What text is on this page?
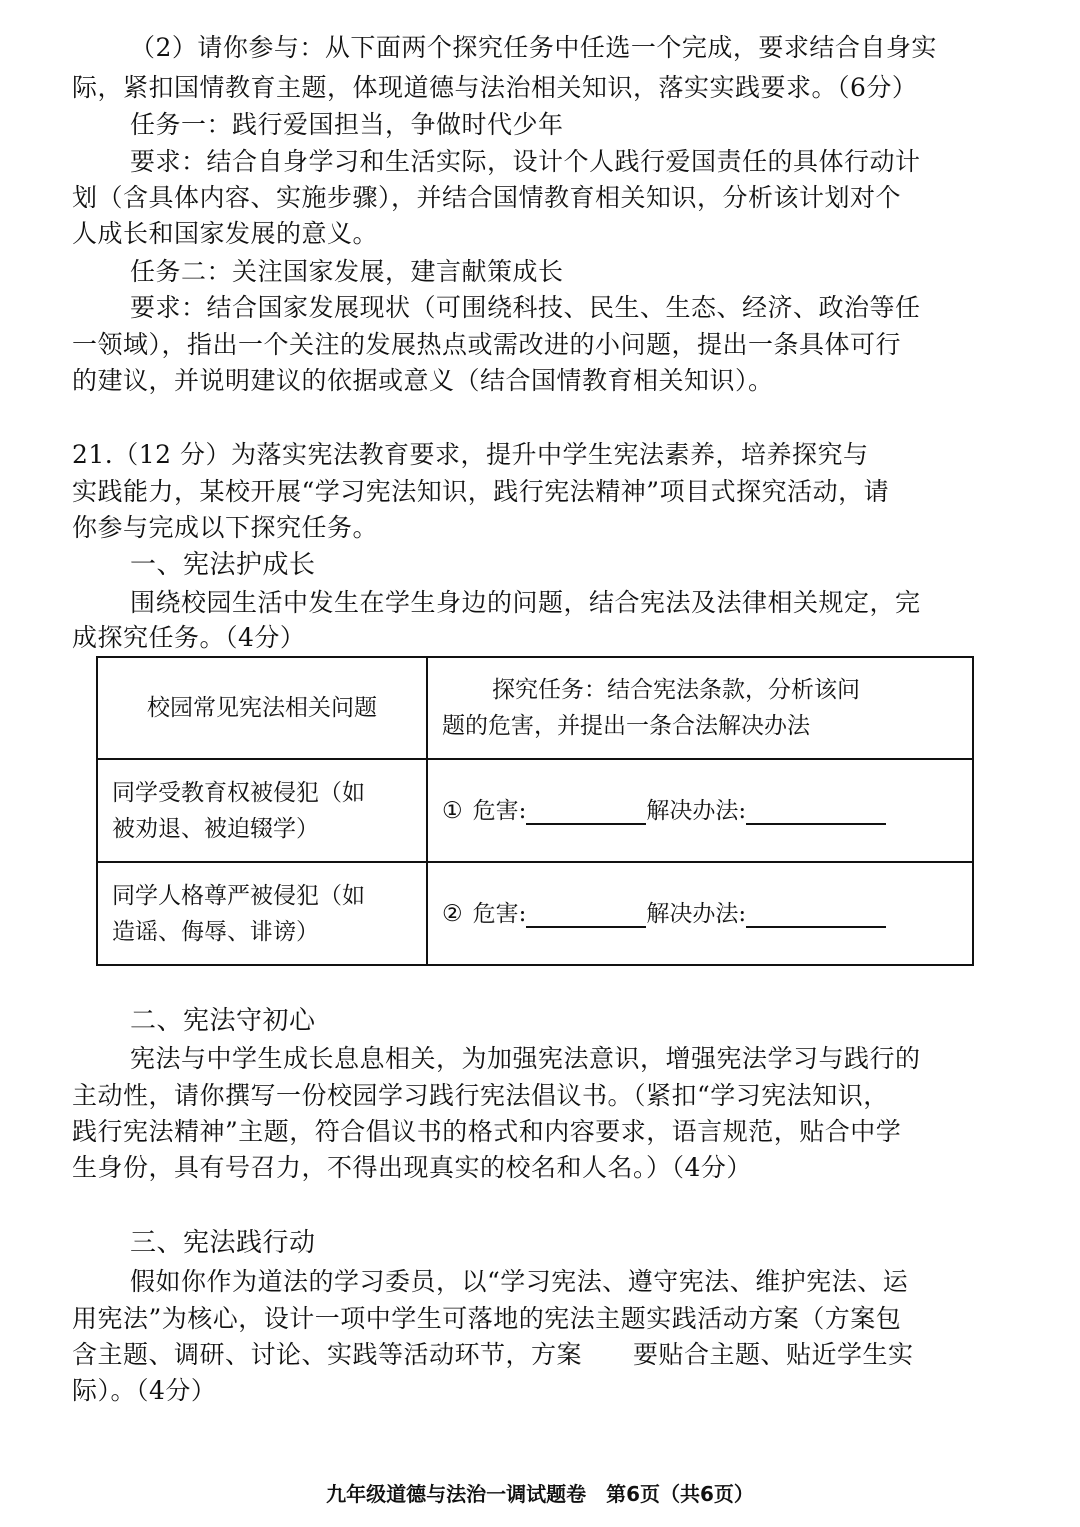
（2）请你参与：从下面两个探究任务中任选一个完成，要求结合自身实
际，紧扣国情教育主题，体现道德与法治相关知识，落实实践要求。（6分）
任务一：践行爱国担当，争做时代少年
要求：结合自身学习和生活实际，设计个人践行爱国责任的具体行动计
划（含具体内容、实施步骤），并结合国情教育相关知识，分析该计划对个
人成长和国家发展的意义。
任务二：关注国家发展，建言献策成长
要求：结合国家发展现状（可围绕科技、民生、生态、经济、政治等任
一领域），指出一个关注的发展热点或需改进的小问题，提出一条具体可行
的建议，并说明建议的依据或意义（结合国情教育相关知识）。
21.（12 分）为落实宪法教育要求，提升中学生宪法素养，培养探究与
实践能力，某校开展“学习宪法知识，践行宪法精神”项目式探究活动，请
你参与完成以下探究任务。
一、宪法护成长
围绕校园生活中发生在学生身边的问题，结合宪法及法律相关规定，完
成探究任务。（4分）
校园常见宪法相关问题	探究任务：结合宪法条款，分析该问
题的危害，并提出一条合法解决办法

同学受教育权被侵犯（如
被劝退、被迫辍学）	① 危害: 解决办法:

同学人格尊严被侵犯（如
造谣、侮辱、诽谤）	② 危害: 解决办法:
二、宪法守初心
宪法与中学生成长息息相关，为加强宪法意识，增强宪法学习与践行的
主动性，请你撰写一份校园学习践行宪法倡议书。（紧扣“学习宪法知识，
践行宪法精神”主题，符合倡议书的格式和内容要求，语言规范，贴合中学
生身份，具有号召力，不得出现真实的校名和人名。）（4分）
三、宪法践行动
假如你作为道法的学习委员，以“学习宪法、遵守宪法、维护宪法、运
用宪法”为核心，设计一项中学生可落地的宪法主题实践活动方案（方案包
含主题、调研、讨论、实践等活动环节，方案　　要贴合主题、贴近学生实
际）。（4分）
九年级道德与法治一调试题卷　第6页（共6页）
